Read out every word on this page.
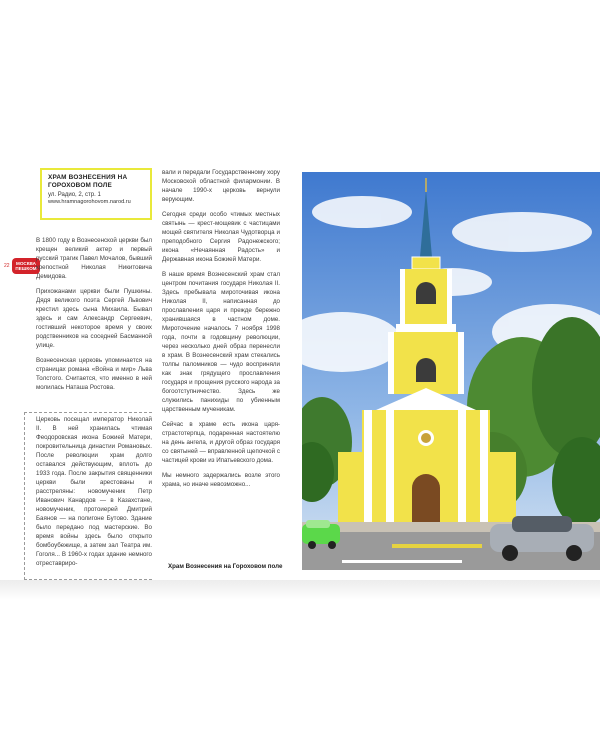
ХРАМ ВОЗНЕСЕНИЯ НА ГОРОХОВОМ ПОЛЕ
ул. Радио, 2, стр. 1
www.hramnagorohovom.narod.ru
22	МОСКВА ПЕШКОМ

В 1800 году в Вознесенской церкви был крещен великий актер и первый русский трагик Павел Мочалов, бывший крепостной Николая Никитовича Демидова.

Прихожанами церкви были Пушкины. Дядя великого поэта Сергей Львович крестил здесь сына Михаила. Бывал здесь и сам Александр Сергеевич, гостивший некоторое время у своих родственников на соседней Басманной улице.

Вознесенская церковь упоминается на страницах романа «Война и мир» Льва Толстого. Считается, что именно в ней молилась Наташа Ростова.

Церковь посещал император Николай II. В ней хранилась чтимая Феодоровская икона Божией Матери, покровительница династии Романовых. После революции храм долго оставался действующим, вплоть до 1933 года. После закрытия священники церкви были арестованы и расстреляны: новомученик Петр Иванович Канардов — в Казахстане, новомученик, протоиерей Дмитрий Баянов — на полигоне Бутово. Здание было передано под мастерские. Во время войны здесь было открыто бомбоубежище, а затем зал Театра им. Гоголя... В 1960-х годах здание немного отреставриро-

вали и передали Государственному хору Московской областной филармонии. В начале 1990-х церковь вернули верующим.

Сегодня среди особо чтимых местных святынь — крест-мощевик с частицами мощей святителя Николая Чудотворца и преподобного Сергия Радонежского; икона «Нечаянная Радость» и Державная икона Божией Матери.

В наше время Вознесенский храм стал центром почитания государя Николая II. Здесь пребывала мироточивая икона Николая II, написанная до прославления царя и прежде бережно хранившаяся в частном доме. Мироточение началось 7 ноября 1998 года, почти в годовщину революции, через несколько дней образ перенесли в храм. В Вознесенский храм стекались толпы паломников — чудо восприняли как знак грядущего прославления государя и прощения русского народа за богоотступничество. Здесь же служились панихиды по убиенным царственным мученикам.

Сейчас в храме есть икона царя-страстотерпца, подаренная настоятелю на день ангела, и другой образ государя со святыней — вправленной щепочкой с частицей крови из Ипатьевского дома.

Мы немного задержались возле этого храма, но иначе невозможно...

Храм Вознесения на Гороховом поле
